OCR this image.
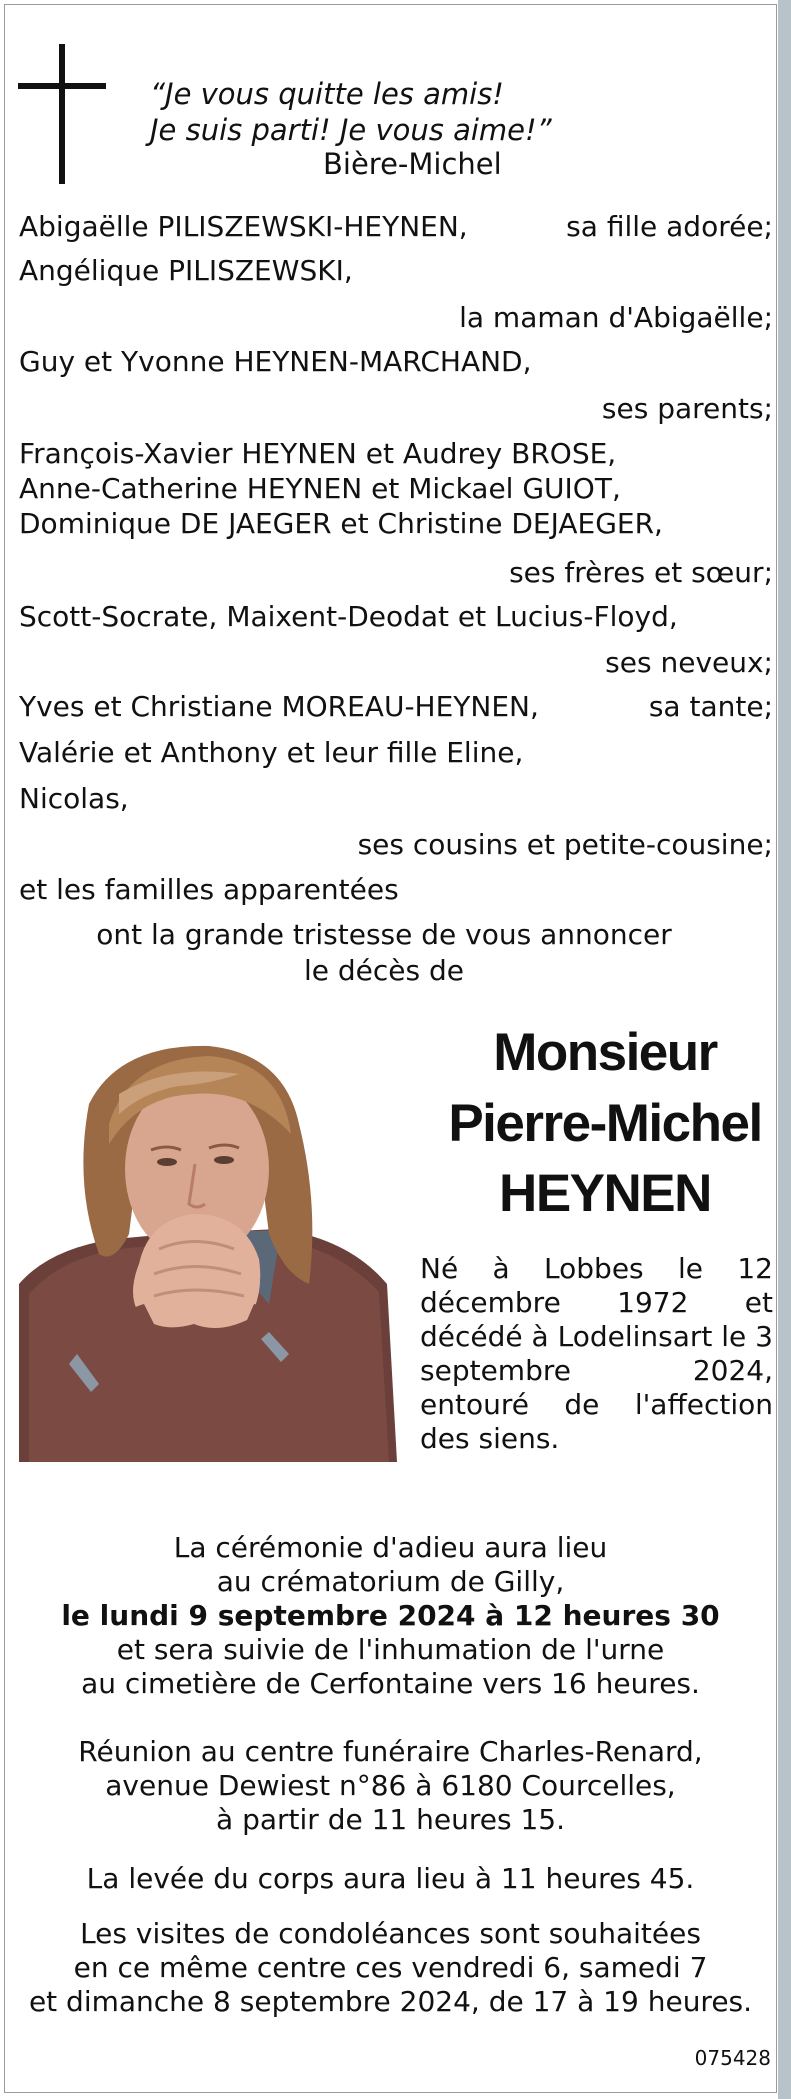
“Je vous quitte les amis!
Je suis parti! Je vous aime!”
Bière-Michel
Abigaëlle PILISZEWSKI-HEYNEN,	sa fille adorée;
Angélique PILISZEWSKI,
la maman d'Abigaëlle;
Guy et Yvonne HEYNEN-MARCHAND,
ses parents;
François-Xavier HEYNEN et Audrey BROSE,
Anne-Catherine HEYNEN et Mickael GUIOT,
Dominique DE JAEGER et Christine DEJAEGER,
ses frères et sœur;
Scott-Socrate, Maixent-Deodat et Lucius-Floyd,
ses neveux;
Yves et Christiane MOREAU-HEYNEN,	sa tante;
Valérie et Anthony et leur fille Eline,
Nicolas,
ses cousins et petite-cousine;
et les familles apparentées
ont la grande tristesse de vous annoncer
le décès de
Monsieur
Pierre-Michel
HEYNEN
Né à Lobbes le 12 décembre 1972 et décédé à Lodelinsart le 3 septembre 2024, entouré de l'affection des siens.
La cérémonie d'adieu aura lieu
au crématorium de Gilly,
le lundi 9 septembre 2024 à 12 heures 30
et sera suivie de l'inhumation de l'urne
au cimetière de Cerfontaine vers 16 heures.
Réunion au centre funéraire Charles-Renard,
avenue Dewiest n°86 à 6180 Courcelles,
à partir de 11 heures 15.
La levée du corps aura lieu à 11 heures 45.
Les visites de condoléances sont souhaitées
en ce même centre ces vendredi 6, samedi 7
et dimanche 8 septembre 2024, de 17 à 19 heures.
075428
